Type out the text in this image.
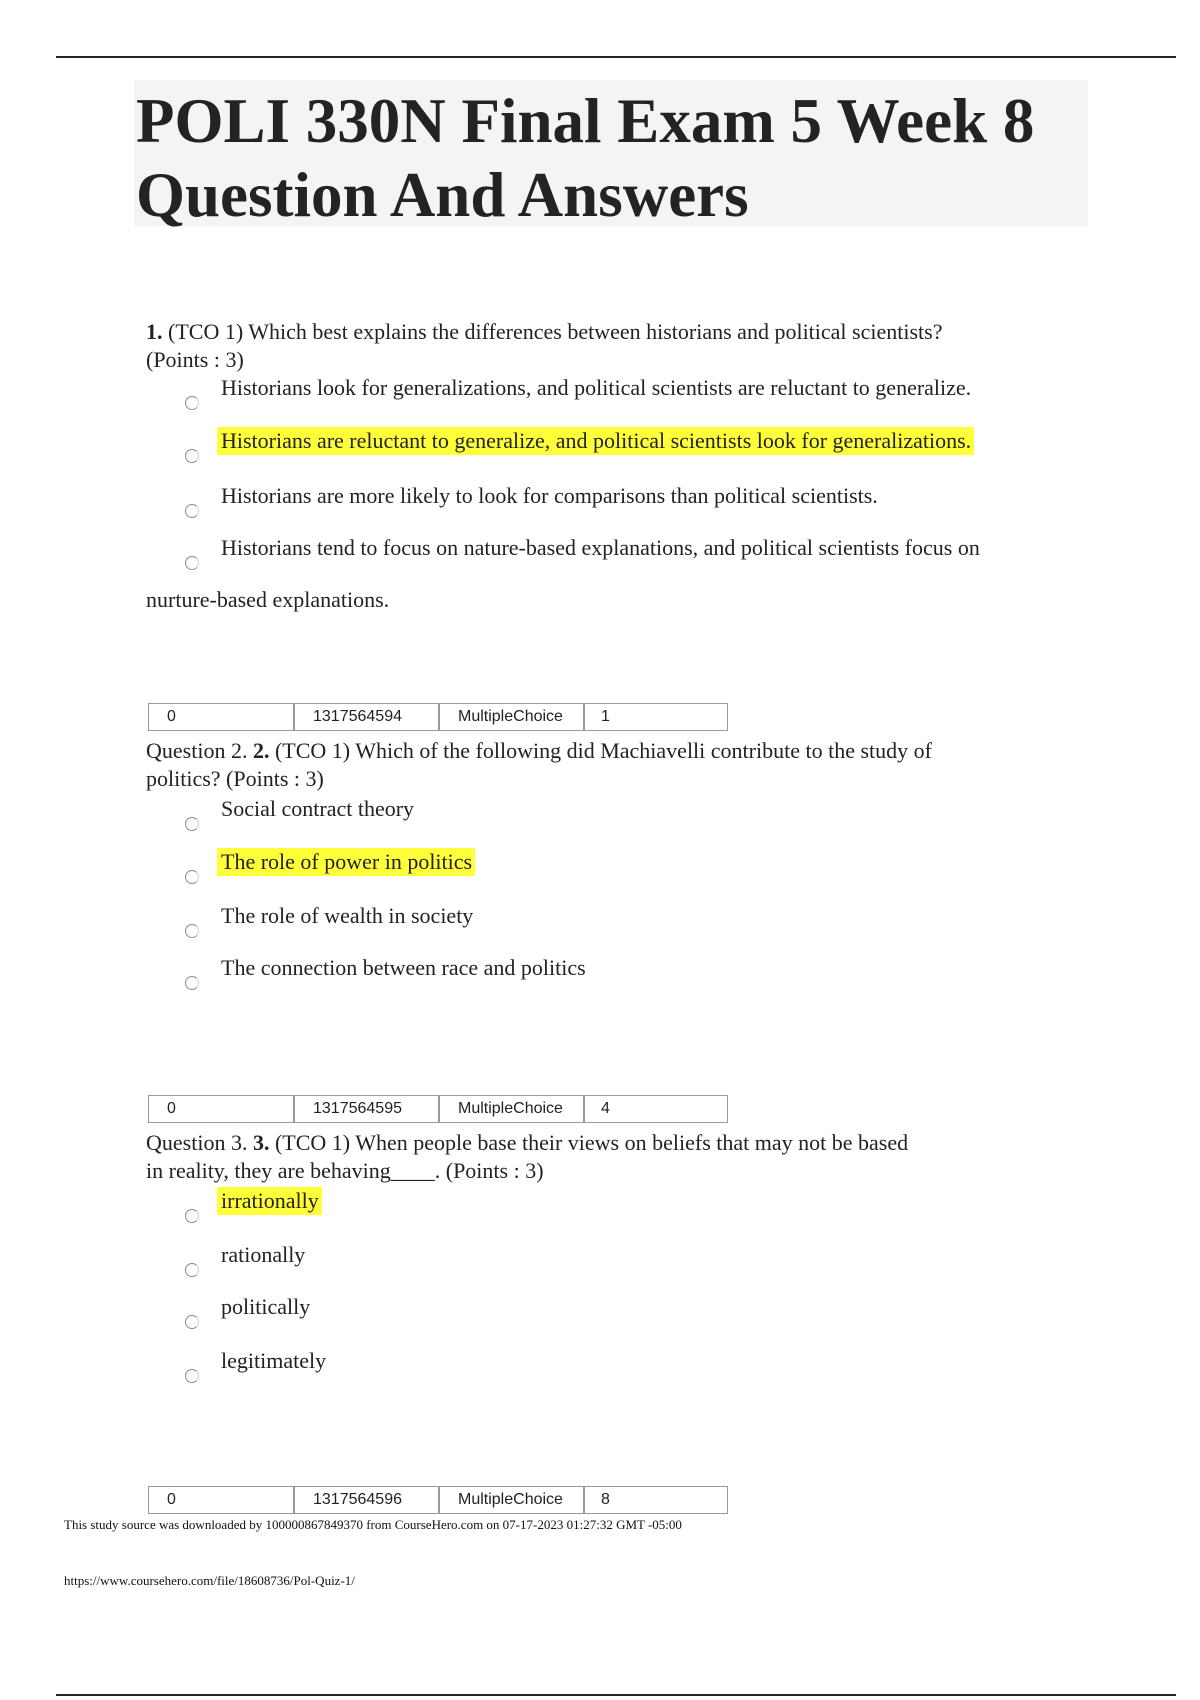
POLI 330N Final Exam 5 Week 8 Question And Answers

1. (TCO 1) Which best explains the differences between historians and political scientists?
(Points : 3)

Historians look for generalizations, and political scientists are reluctant to generalize.
Historians are reluctant to generalize, and political scientists look for generalizations.
Historians are more likely to look for comparisons than political scientists.
Historians tend to focus on nature-based explanations, and political scientists focus on
nurture-based explanations.
0	1317564594	MultipleChoice	1

Question 2. 2. (TCO 1) Which of the following did Machiavelli contribute to the study of
politics? (Points : 3)

Social contract theory
The role of power in politics
The role of wealth in society
The connection between race and politics
0	1317564595	MultipleChoice	4

Question 3. 3. (TCO 1) When people base their views on beliefs that may not be based
in reality, they are behaving____. (Points : 3)

irrationally
rationally
politically
legitimately
0	1317564596	MultipleChoice	8
This study source was downloaded by 100000867849370 from CourseHero.com on 07-17-2023 01:27:32 GMT -05:00
https://www.coursehero.com/file/18608736/Pol-Quiz-1/
